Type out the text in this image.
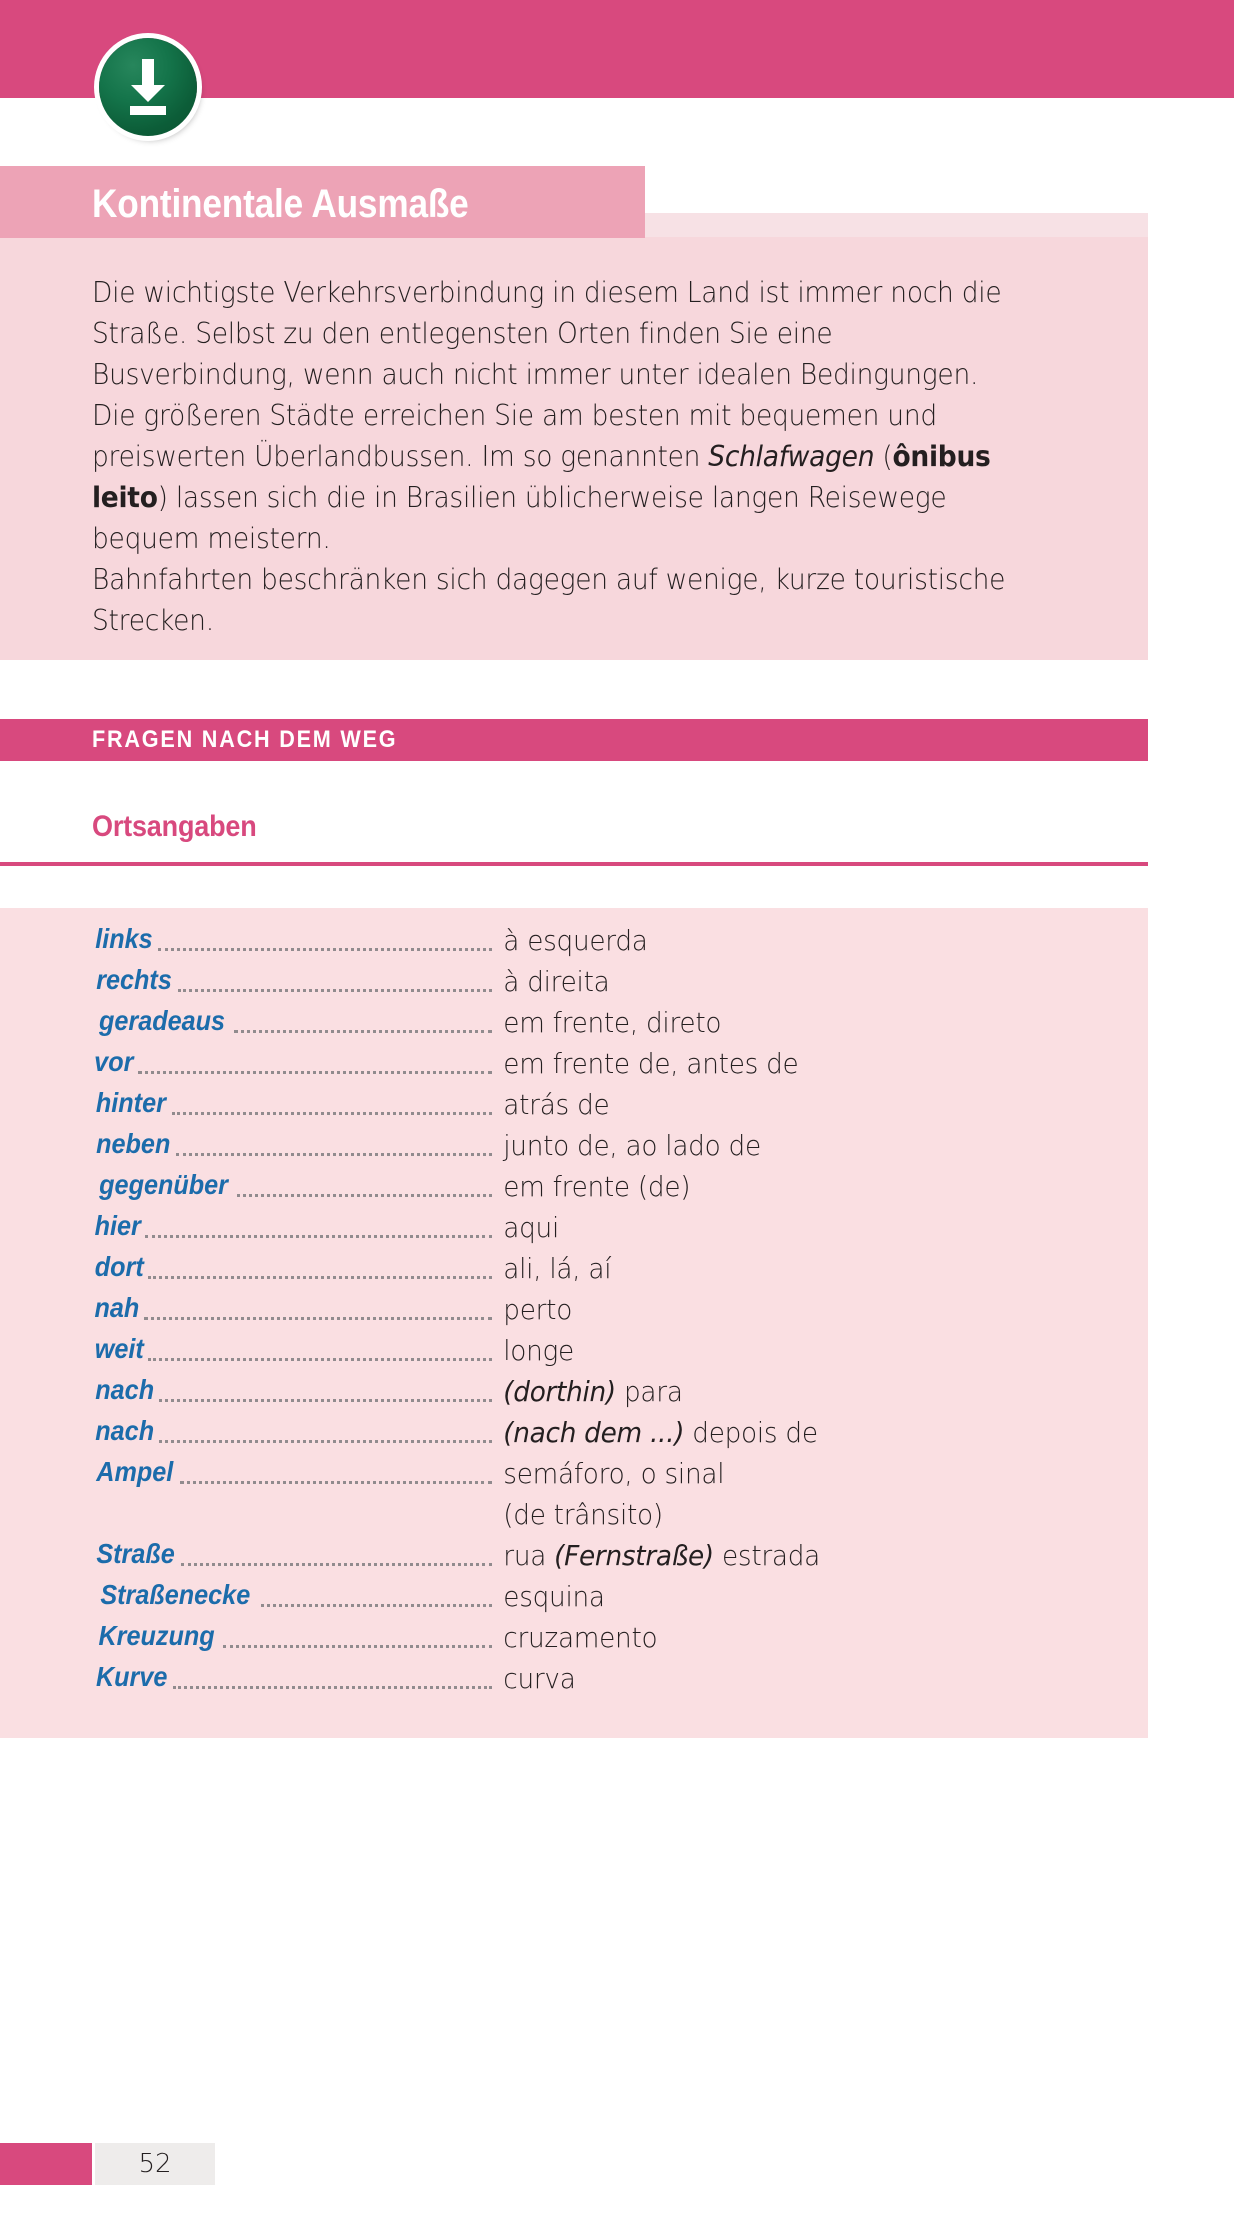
Kontinentale Ausmaße

Die wichtigste Verkehrsverbindung in diesem Land ist immer noch die Straße. Selbst zu den entlegensten Orten finden Sie eine Busverbindung, wenn auch nicht immer unter idealen Bedingungen. Die größeren Städte erreichen Sie am besten mit bequemen und preiswerten Überlandbussen. Im so genannten Schlafwagen (ônibus leito) lassen sich die in Brasilien üblicherweise langen Reisewege bequem meistern.

Bahnfahrten beschränken sich dagegen auf wenige, kurze touristische Strecken.

FRAGEN NACH DEM WEG
Ortsangaben
links	à esquerda
rechts	à direita
geradeaus	em frente, direto
vor	em frente de, antes de
hinter	atrás de
neben	junto de, ao lado de
gegenüber	em frente (de)
hier	aqui
dort	ali, lá, aí
nah	perto
weit	longe
nach	(dorthin) para
nach	(nach dem ...) depois de
Ampel	semáforo, o sinal
(de trânsito)
Straße	rua (Fernstraße) estrada
Straßenecke	esquina
Kreuzung	cruzamento
Kurve	curva
52
